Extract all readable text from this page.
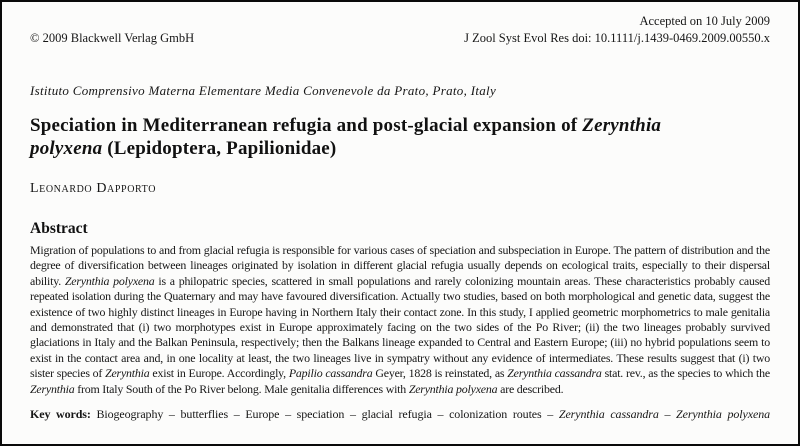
© 2009 Blackwell Verlag GmbH
Accepted on 10 July 2009
J Zool Syst Evol Res doi: 10.1111/j.1439-0469.2009.00550.x
Istituto Comprensivo Materna Elementare Media Convenevole da Prato, Prato, Italy
Speciation in Mediterranean refugia and post-glacial expansion of Zerynthia
polyxena (Lepidoptera, Papilionidae)
Leonardo Dapporto
Abstract

Migration of populations to and from glacial refugia is responsible for various cases of speciation and subspeciation in Europe. The pattern of distribution and the degree of diversification between lineages originated by isolation in different glacial refugia usually depends on ecological traits, especially to their dispersal ability. Zerynthia polyxena is a philopatric species, scattered in small populations and rarely colonizing mountain areas. These characteristics probably caused repeated isolation during the Quaternary and may have favoured diversification. Actually two studies, based on both morphological and genetic data, suggest the existence of two highly distinct lineages in Europe having in Northern Italy their contact zone. In this study, I applied geometric morphometrics to male genitalia and demonstrated that (i) two morphotypes exist in Europe approximately facing on the two sides of the Po River; (ii) the two lineages probably survived glaciations in Italy and the Balkan Peninsula, respectively; then the Balkans lineage expanded to Central and Eastern Europe; (iii) no hybrid populations seem to exist in the contact area and, in one locality at least, the two lineages live in sympatry without any evidence of intermediates. These results suggest that (i) two sister species of Zerynthia exist in Europe. Accordingly, Papilio cassandra Geyer, 1828 is reinstated, as Zerynthia cassandra stat. rev., as the species to which the Zerynthia from Italy South of the Po River belong. Male genitalia differences with Zerynthia polyxena are described.

Key words: Biogeography – butterflies – Europe – speciation – glacial refugia – colonization routes – Zerynthia cassandra – Zerynthia polyxena
